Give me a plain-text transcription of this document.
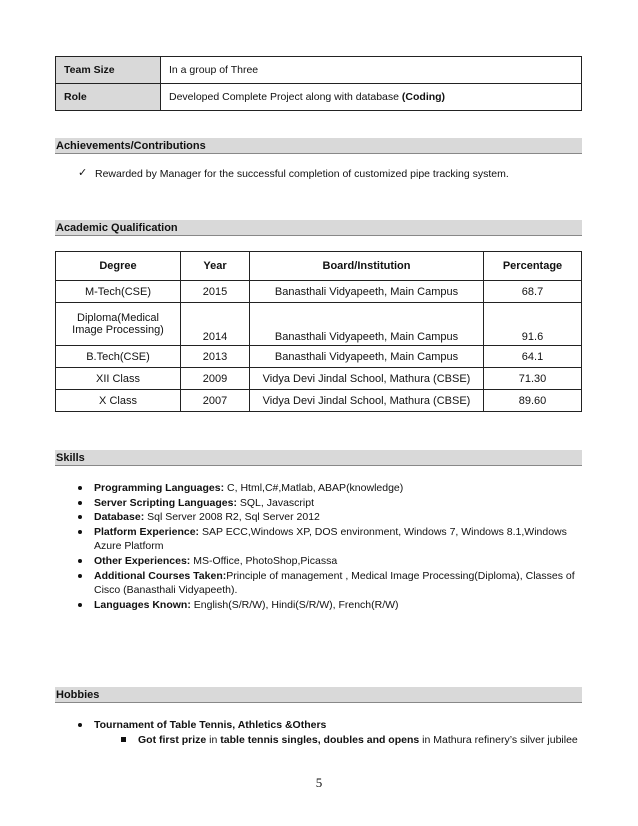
Team Size	In a group of Three
Role	Developed Complete Project along with database (Coding)
Achievements/Contributions
✓ Rewarded by Manager for the successful completion of customized pipe tracking system.
Academic Qualification
Degree	Year	Board/Institution	Percentage
M-Tech(CSE)	2015	Banasthali Vidyapeeth, Main Campus	68.7
Diploma(Medical
Image Processing)	2014	Banasthali Vidyapeeth, Main Campus	91.6
B.Tech(CSE)	2013	Banasthali Vidyapeeth, Main Campus	64.1
XII Class	2009	Vidya Devi Jindal School, Mathura (CBSE)	71.30
X Class	2007	Vidya Devi Jindal School, Mathura (CBSE)	89.60
Skills
Programming Languages: C, Html,C#,Matlab, ABAP(knowledge)
Server Scripting Languages: SQL, Javascript
Database: Sql Server 2008 R2, Sql Server 2012
Platform Experience: SAP ECC,Windows XP, DOS environment, Windows 7, Windows 8.1,Windows Azure Platform
Other Experiences: MS-Office, PhotoShop,Picassa
Additional Courses Taken:Principle of management , Medical Image Processing(Diploma), Classes of Cisco (Banasthali Vidyapeeth).
Languages Known: English(S/R/W), Hindi(S/R/W), French(R/W)
Hobbies
Tournament of Table Tennis, Athletics &Others
Got first prize in table tennis singles, doubles and opens in Mathura refinery’s silver jubilee
5
